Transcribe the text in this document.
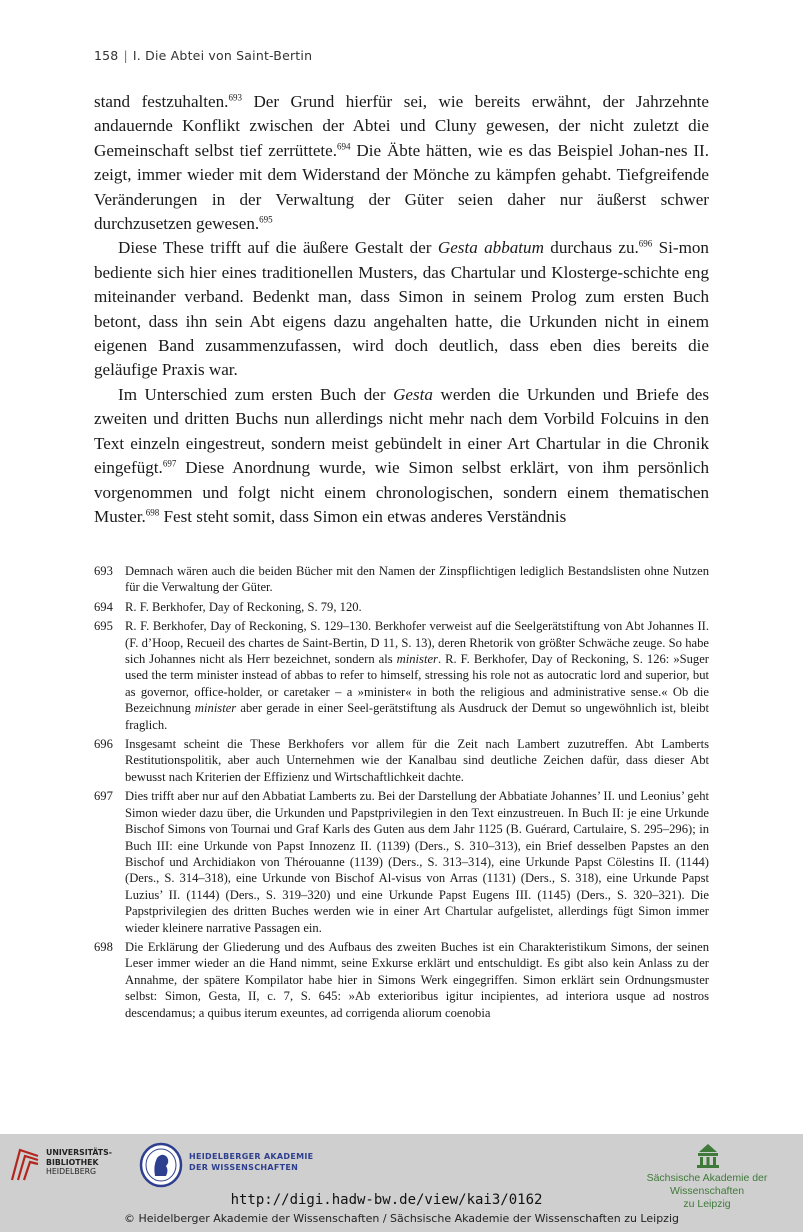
158 | I. Die Abtei von Saint-Bertin

stand festzuhalten.$^{693}$ Der Grund hierfür sei, wie bereits erwähnt, der Jahrzehnte andauernde Konflikt zwischen der Abtei und Cluny gewesen, der nicht zuletzt die Gemeinschaft selbst tief zerrüttete.$^{694}$ Die Äbte hätten, wie es das Beispiel Johan-nes II. zeigt, immer wieder mit dem Widerstand der Mönche zu kämpfen gehabt. Tiefgreifende Veränderungen in der Verwaltung der Güter seien daher nur äußerst schwer durchzusetzen gewesen.$^{695}$

Diese These trifft auf die äußere Gestalt der Gesta abbatum durchaus zu.$^{696}$ Si-mon bediente sich hier eines traditionellen Musters, das Chartular und Klosterge-schichte eng miteinander verband. Bedenkt man, dass Simon in seinem Prolog zum ersten Buch betont, dass ihn sein Abt eigens dazu angehalten hatte, die Urkunden nicht in einem eigenen Band zusammenzufassen, wird doch deutlich, dass eben dies bereits die geläufige Praxis war.

Im Unterschied zum ersten Buch der Gesta werden die Urkunden und Briefe des zweiten und dritten Buchs nun allerdings nicht mehr nach dem Vorbild Folcuins in den Text einzeln eingestreut, sondern meist gebündelt in einer Art Chartular in die Chronik eingefügt.$^{697}$ Diese Anordnung wurde, wie Simon selbst erklärt, von ihm persönlich vorgenommen und folgt nicht einem chronologischen, sondern einem thematischen Muster.$^{698}$ Fest steht somit, dass Simon ein etwas anderes Verständnis

693 Demnach wären auch die beiden Bücher mit den Namen der Zinspflichtigen lediglich Bestandslisten ohne Nutzen für die Verwaltung der Güter.
694 R. F. Berkhofer, Day of Reckoning, S. 79, 120.
695 R. F. Berkhofer, Day of Reckoning, S. 129–130. Berkhofer verweist auf die Seelgerätstiftung von Abt Johannes II. (F. d’Hoop, Recueil des chartes de Saint-Bertin, D 11, S. 13), deren Rhetorik von größter Schwäche zeuge. So habe sich Johannes nicht als Herr bezeichnet, sondern als minister. R. F. Berkhofer, Day of Reckoning, S. 126: »Suger used the term minister instead of abbas to refer to himself, stressing his role not as autocratic lord and superior, but as governor, office-holder, or caretaker – a »minister« in both the religious and administrative sense.« Ob die Bezeichnung minister aber gerade in einer Seel-gerätstiftung als Ausdruck der Demut so ungewöhnlich ist, bleibt fraglich.
696 Insgesamt scheint die These Berkhofers vor allem für die Zeit nach Lambert zuzutreffen. Abt Lamberts Restitutionspolitik, aber auch Unternehmen wie der Kanalbau sind deutliche Zeichen dafür, dass dieser Abt bewusst nach Kriterien der Effizienz und Wirtschaftlichkeit dachte.
697 Dies trifft aber nur auf den Abbatiat Lamberts zu. Bei der Darstellung der Abbatiate Johannes’ II. und Leonius’ geht Simon wieder dazu über, die Urkunden und Papstprivilegien in den Text einzustreuen. In Buch II: je eine Urkunde Bischof Simons von Tournai und Graf Karls des Guten aus dem Jahr 1125 (B. Guérard, Cartulaire, S. 295–296); in Buch III: eine Urkunde von Papst Innozenz II. (1139) (Ders., S. 310–313), ein Brief desselben Papstes an den Bischof und Archidiakon von Thérouanne (1139) (Ders., S. 313–314), eine Urkunde Papst Cölestins II. (1144) (Ders., S. 314–318), eine Urkunde von Bischof Al-visus von Arras (1131) (Ders., S. 318), eine Urkunde Papst Luzius’ II. (1144) (Ders., S. 319–320) und eine Urkunde Papst Eugens III. (1145) (Ders., S. 320–321). Die Papstprivilegien des dritten Buches werden wie in einer Art Chartular aufgelistet, allerdings fügt Simon immer wieder kleinere narrative Passagen ein.
698 Die Erklärung der Gliederung und des Aufbaus des zweiten Buches ist ein Charakteristikum Simons, der seinen Leser immer wieder an die Hand nimmt, seine Exkurse erklärt und entschuldigt. Es gibt also kein Anlass zu der Annahme, der spätere Kompilator habe hier in Simons Werk eingegriffen. Simon erklärt sein Ordnungsmuster selbst: Simon, Gesta, II, c. 7, S. 645: »Ab exterioribus igitur incipientes, ad interiora usque ad nostros descendamus; a quibus iterum exeuntes, ad corrigenda aliorum coenobia
UNIVERSITÄTS-
BIBLIOTHEK
HEIDELBERG
HEIDELBERGER AKADEMIE
DER WISSENSCHAFTEN
Sächsische Akademie der Wissenschaften
zu Leipzig
http://digi.hadw-bw.de/view/kai3/0162
© Heidelberger Akademie der Wissenschaften / Sächsische Akademie der Wissenschaften zu Leipzig
